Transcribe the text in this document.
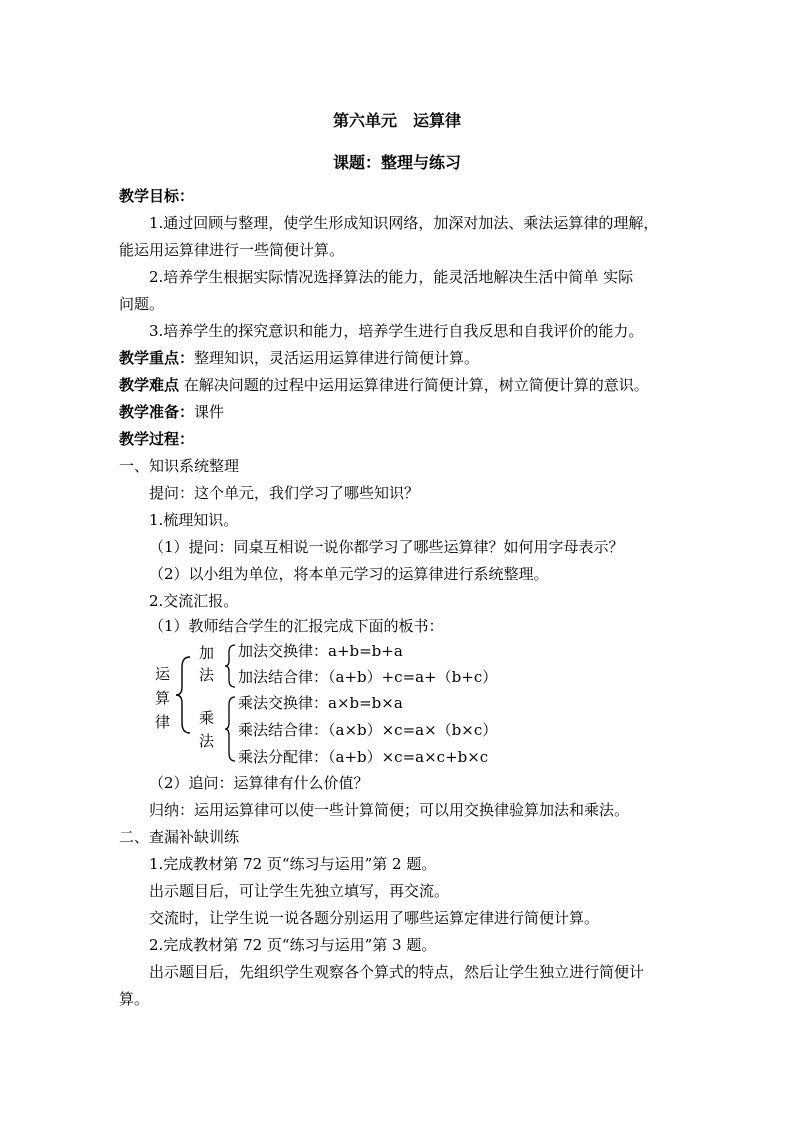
第六单元　运算律
课题：整理与练习
教学目标：
1.通过回顾与整理，使学生形成知识网络，加深对加法、乘法运算律的理解，
能运用运算律进行一些简便计算。
2.培养学生根据实际情况选择算法的能力，能灵活地解决生活中简单 实际
问题。
3.培养学生的探究意识和能力，培养学生进行自我反思和自我评价的能力。
教学重点：整理知识，灵活运用运算律进行简便计算。
教学难点 在解决问题的过程中运用运算律进行简便计算，树立简便计算的意识。
教学准备：课件
教学过程：
一、知识系统整理
提问：这个单元，我们学习了哪些知识？
1.梳理知识。
（1）提问：同桌互相说一说你都学习了哪些运算律？如何用字母表示？
（2）以小组为单位，将本单元学习的运算律进行系统整理。
2.交流汇报。
（1）教师结合学生的汇报完成下面的板书：
运
算
律
加
法
加法交换律：a+b=b+a
加法结合律：（a+b）+c=a+（b+c）
乘
法
乘法交换律：a×b=b×a
乘法结合律：（a×b）×c=a×（b×c）
乘法分配律：（a+b）×c=a×c+b×c
（2）追问：运算律有什么价值？
归纳：运用运算律可以使一些计算简便；可以用交换律验算加法和乘法。
二、查漏补缺训练
1.完成教材第 72 页“练习与运用”第 2 题。
出示题目后，可让学生先独立填写，再交流。
交流时，让学生说一说各题分别运用了哪些运算定律进行简便计算。
2.完成教材第 72 页“练习与运用”第 3 题。
出示题目后，先组织学生观察各个算式的特点，然后让学生独立进行简便计
算。
